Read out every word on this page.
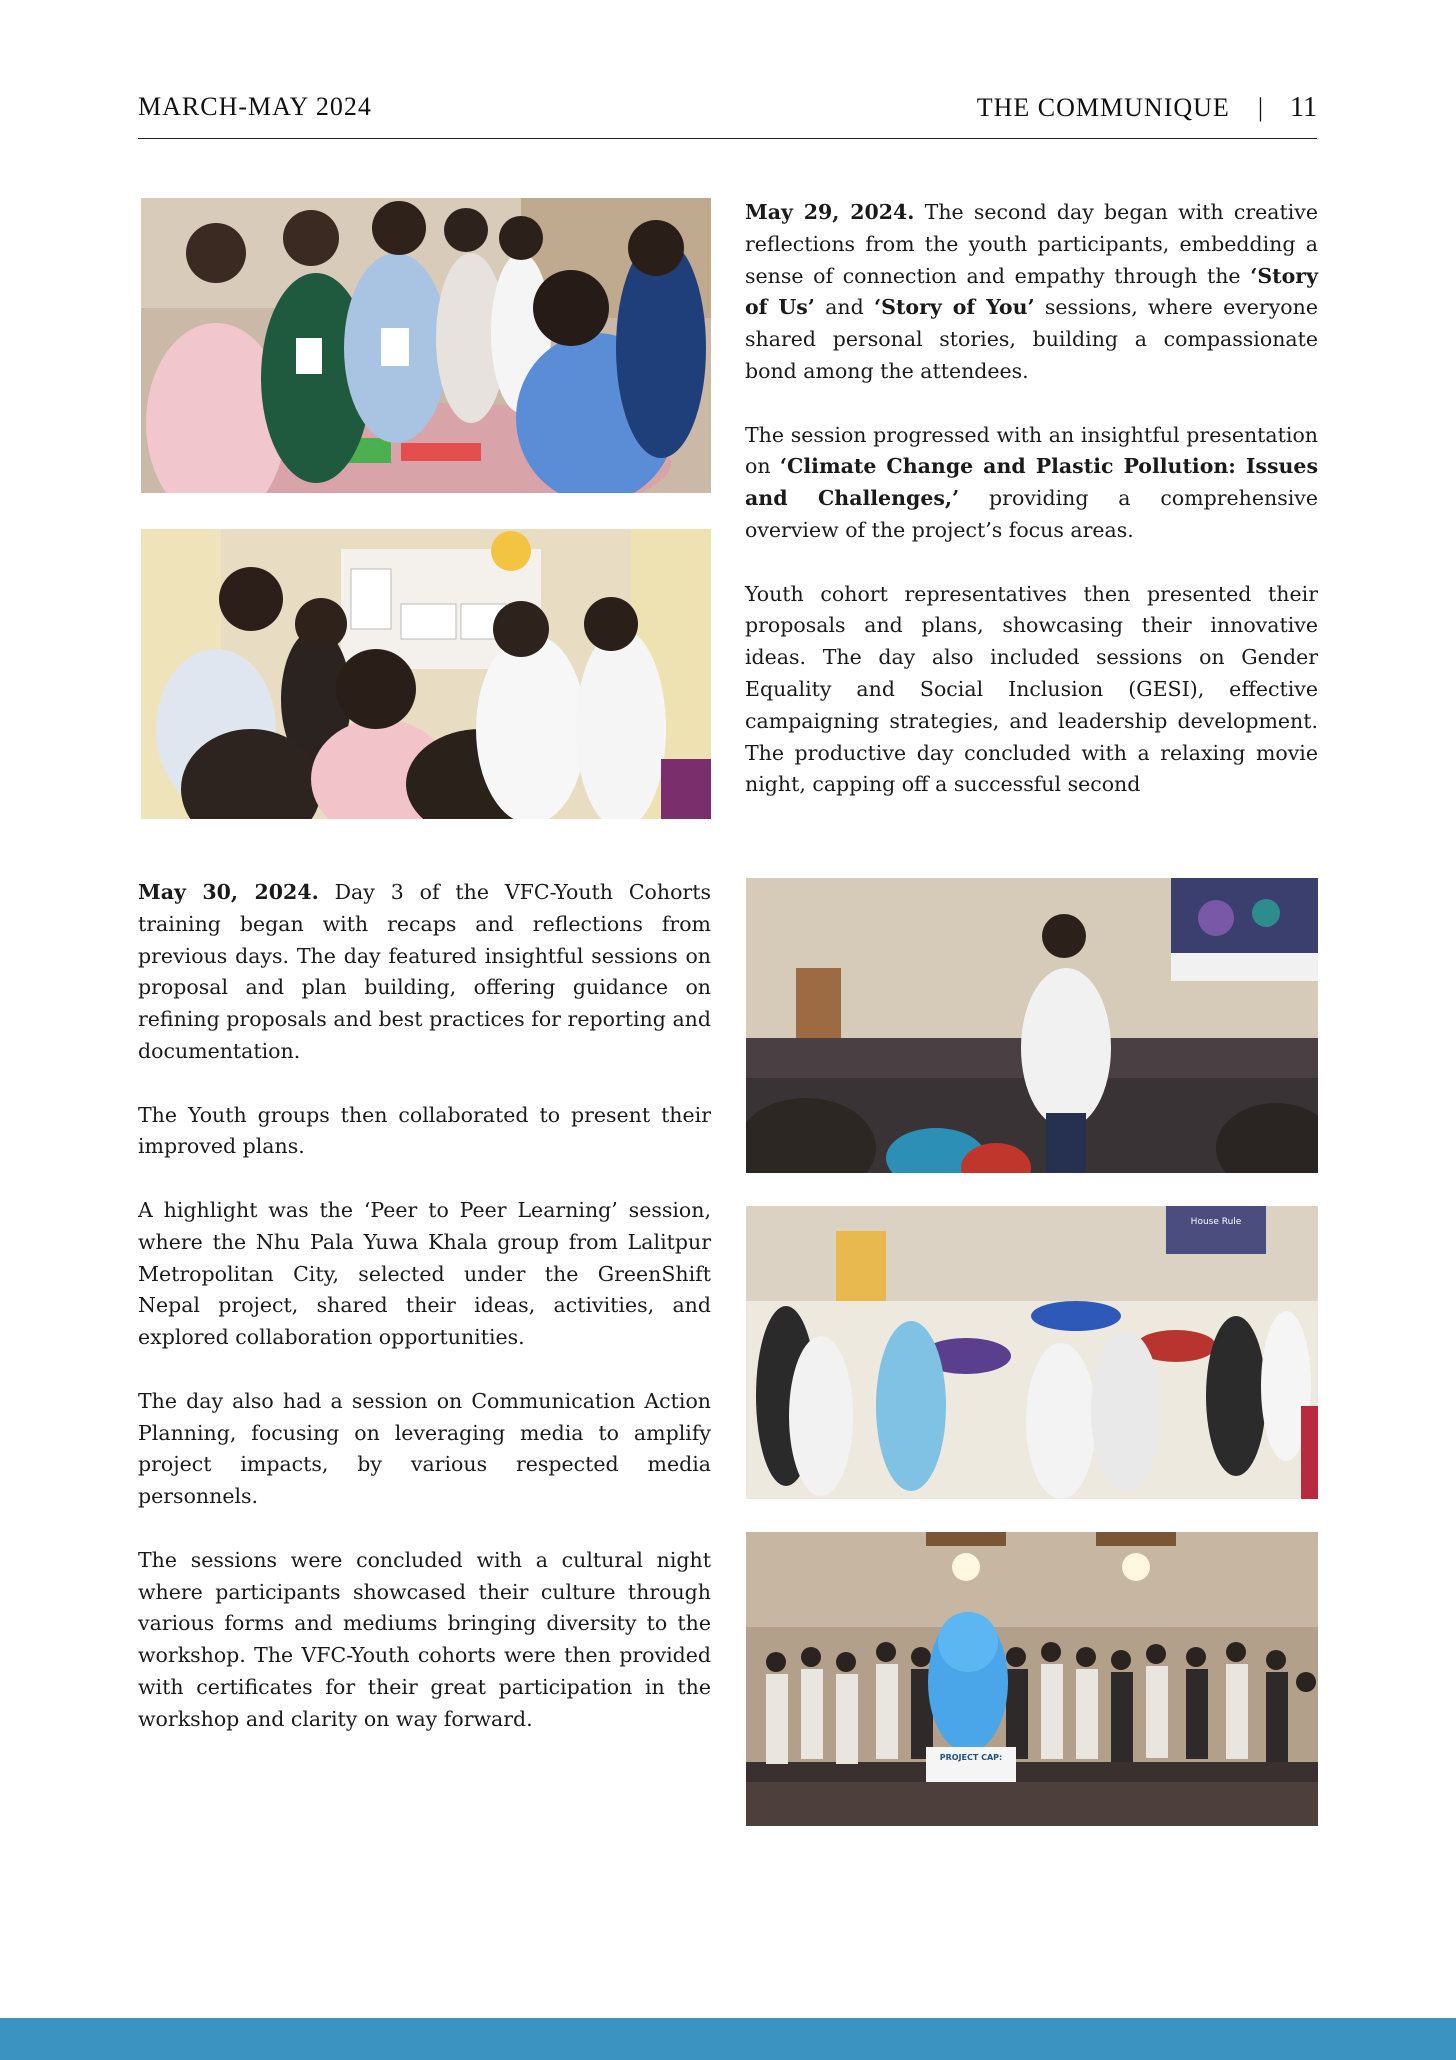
MARCH-MAY 2024	THE COMMUNIQUE | 11

May 29, 2024. The second day began with creative reflections from the youth participants, embedding a sense of connection and empathy through the ‘Story of Us’ and ‘Story of You’ sessions, where everyone shared personal stories, building a compassionate bond among the attendees.

The session progressed with an insightful presentation on ‘Climate Change and Plastic Pollution: Issues and Challenges,’ providing a comprehensive overview of the project’s focus areas.

Youth cohort representatives then presented their proposals and plans, showcasing their innovative ideas. The day also included sessions on Gender Equality and Social Inclusion (GESI), effective campaigning strategies, and leadership development. The productive day concluded with a relaxing movie night, capping off a successful second

May 30, 2024. Day 3 of the VFC-Youth Cohorts training began with recaps and reflections from previous days. The day featured insightful sessions on proposal and plan building, offering guidance on refining proposals and best practices for reporting and documentation.

The Youth groups then collaborated to present their improved plans.

A highlight was the ‘Peer to Peer Learning’ session, where the Nhu Pala Yuwa Khala group from Lalitpur Metropolitan City, selected under the GreenShift Nepal project, shared their ideas, activities, and explored collaboration opportunities.

The day also had a session on Communication Action Planning, focusing on leveraging media to amplify project impacts, by various respected media personnels.

The sessions were concluded with a cultural night where participants showcased their culture through various forms and mediums bringing diversity to the workshop. The VFC-Youth cohorts were then provided with certificates for their great participation in the workshop and clarity on way forward.

House Rule
PROJECT CAP:
